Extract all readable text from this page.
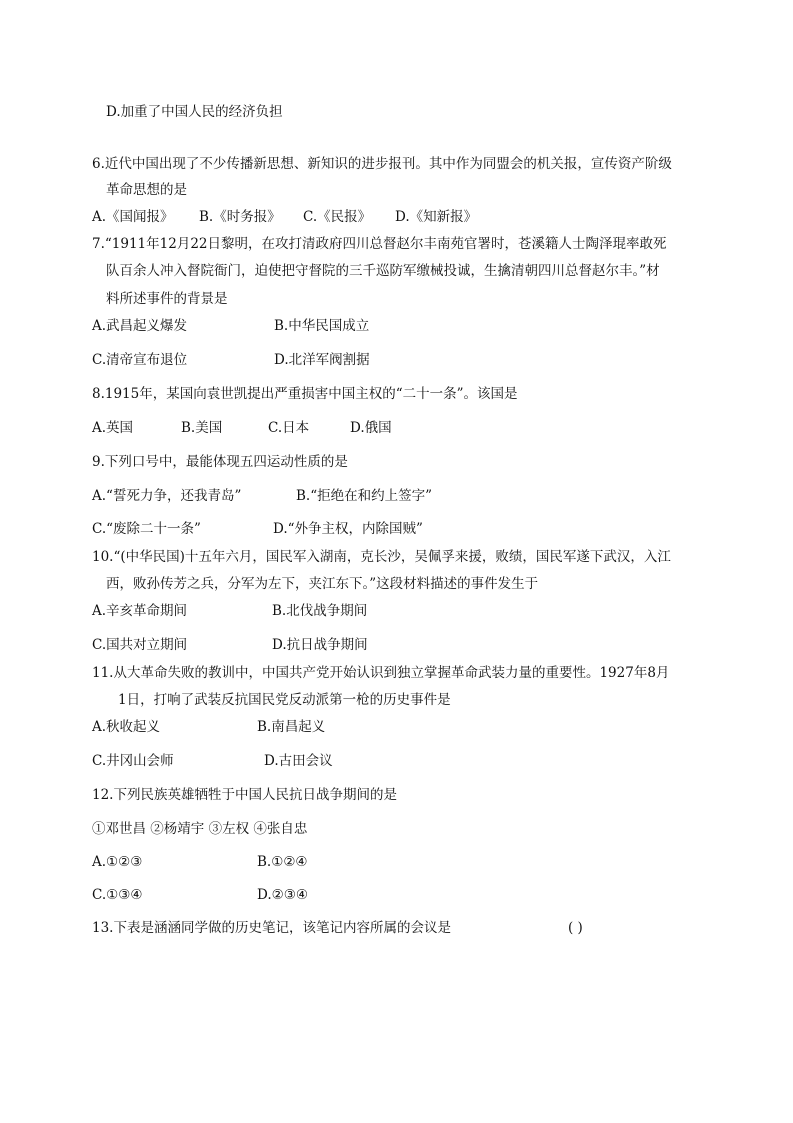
D.加重了中国人民的经济负担
6.近代中国出现了不少传播新思想、新知识的进步报刊。其中作为同盟会的机关报，宣传资产阶级
革命思想的是
A.《国闻报》 B.《时务报》 C.《民报》 D.《知新报》
7.“1911年12月22日黎明，在攻打清政府四川总督赵尔丰南苑官署时，苍溪籍人士陶泽琨率敢死
队百余人冲入督院衙门，迫使把守督院的三千巡防军缴械投诚，生擒清朝四川总督赵尔丰。”材
料所述事件的背景是
A.武昌起义爆发	B.中华民国成立
C.清帝宣布退位	D.北洋军阀割据
8.1915年，某国向袁世凯提出严重损害中国主权的“二十一条”。该国是
A.英国	B.美国	C.日本	D.俄国
9.下列口号中，最能体现五四运动性质的是
A.“誓死力争，还我青岛”	B.“拒绝在和约上签字”
C.“废除二十一条”	D.“外争主权，内除国贼”
10.“(中华民国)十五年六月，国民军入湖南，克长沙，吴佩孚来援，败绩，国民军遂下武汉，入江
西，败孙传芳之兵，分军为左下，夹江东下。”这段材料描述的事件发生于
A.辛亥革命期间	B.北伐战争期间
C.国共对立期间	D.抗日战争期间
11.从大革命失败的教训中，中国共产党开始认识到独立掌握革命武装力量的重要性。1927年8月
1日，打响了武装反抗国民党反动派第一枪的历史事件是
A.秋收起义	B.南昌起义
C.井冈山会师	D.古田会议
12.下列民族英雄牺牲于中国人民抗日战争期间的是
①邓世昌 ②杨靖宇 ③左权 ④张自忠
A.①②③	B.①②④
C.①③④	D.②③④
13.下表是涵涵同学做的历史笔记，该笔记内容所属的会议是	( )
